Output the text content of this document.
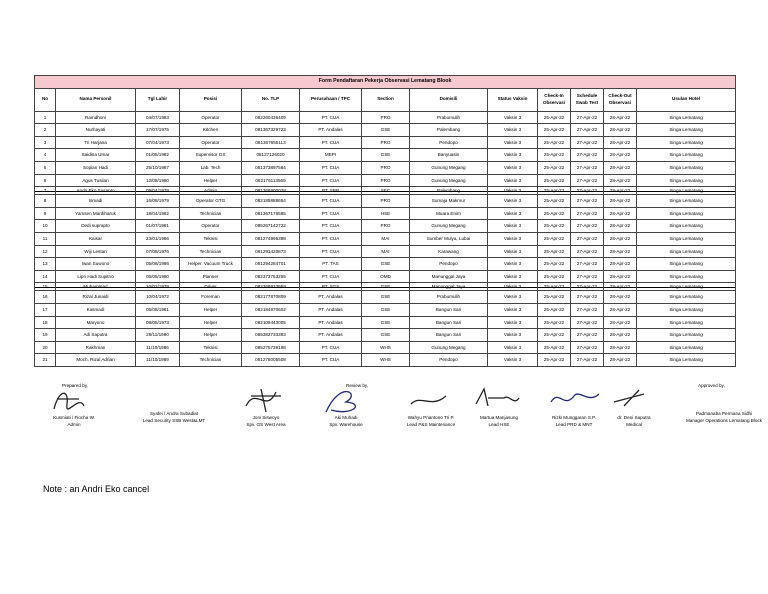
Form Pendaftaran Pekerja Observasi Lematang Blook												
No	Nama Personil	Tgl Lahir	Posisi	No. TLP	Perusahaan / TPC	Section	Domisili	Status Vaksin	Check-In Observasi	Schedule Swab Test	Check-Out Observasi	Usulan Hotel
1	Ramdhoni	04/07/1983	Operator	082260436409	PT. CUA	PRO	Prabumulih	Vaksin 3	25-Apr-22	27-Apr-22	28-Apr-22	Singa Lematang
2	Nurhayati	17/07/1975	Kitchen	081367329723	PT. Andalas	GSE	Palembang	Vaksin 3	25-Apr-22	27-Apr-22	28-Apr-22	Singa Lematang
3	Tri Harjana	07/04/1973	Operator	081367655113	PT. CUA	PRO	Pendopo	Vaksin 3	25-Apr-22	27-Apr-22	28-Apr-22	Singa Lematang
4	Saidina Umar	01/05/1982	Supervisor GS	08127126020	MEPI	GSE	Banyuasin	Vaksin 3	25-Apr-22	27-Apr-22	28-Apr-22	Singa Lematang
5	Sopian Hadi	25/10/1987	Lab. Tech	081373897564	PT. CUA	PRO	Gunung Megang	Vaksin 3	25-Apr-22	27-Apr-22	28-Apr-22	Singa Lematang
6	Agus Tusilan	12/08/1980	Helper	082176113569	PT. CUA	PRO	Gunung Megang	Vaksin 3	25-Apr-22	27-Apr-22	28-Apr-22	Singa Lematang
7	Andri Eko Susanto	09/04/1979	Admin	081368800028	PT. SBB	SEC	Palembang	Vaksin 3	25-Apr-22	27-Apr-22	28-Apr-22	Singa Lematang
8	Ismadi	16/08/1979	Operator GTG	082185888654	PT. CUA	PRO	Sumaja Makmur	Vaksin 3	25-Apr-22	27-Apr-22	28-Apr-22	Singa Lematang
9	Yamsen Mardiharuk	18/04/1982	Technician	081367176565	PT. CUA	HSE	Muara Enim	Vaksin 3	25-Apr-22	27-Apr-22	28-Apr-22	Singa Lematang
10	Dedi suprapto	01/07/1981	Operator	085267142722	PT. CUA	PRO	Gunung Megang	Vaksin 3	25-Apr-22	27-Apr-22	28-Apr-22	Singa Lematang
11	Kaisar	23/01/1986	Teknisi	081274995398	PT. CUA	MAI	Sumber Mulya, Lubai	Vaksin 3	25-Apr-22	27-Apr-22	28-Apr-22	Singa Lematang
12	Wiji Lestari	07/08/1976	Technician	081291420873	PT. CUA	MAI	Karawang	Vaksin 3	25-Apr-22	27-Apr-22	28-Apr-22	Singa Lematang
13	Iwan Suwono	05/08/1986	Helper. Vacuum Truck	081294284701	PT. TAS	GSE	Pendopo	Vaksin 3	25-Apr-22	27-Apr-22	28-Apr-22	Singa Lematang
14	Lipri Hadi Supitno	05/05/1980	Planner	082373753255	PT. CUA	OMD	Manunggal Jaya	Vaksin 3	25-Apr-22	27-Apr-22	28-Apr-22	Singa Lematang
15	Muhammad	10/02/1979	Driver	082269823959	PT. SGS	GSE	Manunggal Jaya	Vaksin 3	25-Apr-22	27-Apr-22	28-Apr-22	Singa Lematang
16	Rizal Junaidi	10/04/1972	Foreman	082177870809	PT. Andalas	GSE	Prabumulih	Vaksin 3	25-Apr-22	27-Apr-22	28-Apr-22	Singa Lematang
17	Kasmadi	05/08/1981	Helper	082184870602	PT. Andalas	GSE	Bangun Sari	Vaksin 3	25-Apr-22	27-Apr-22	28-Apr-22	Singa Lematang
18	Maryono	08/05/1973	Helper	082109443005	PT. Andalas	GSE	Bangun Sari	Vaksin 3	25-Apr-22	27-Apr-22	28-Apr-22	Singa Lematang
19	Adi Saputra	29/11/1990	Helper	085382733393	PT. Andalas	GSE	Bangun Sari	Vaksin 3	25-Apr-22	27-Apr-22	28-Apr-22	Singa Lematang
20	Rakhman	11/10/1986	Teknisi	085275739198	PT. CUA	WHS	Gunung Megang	Vaksin 3	25-Apr-22	27-Apr-22	28-Apr-22	Singa Lematang
21	Moch. Rizal Adrian	11/10/1989	Technician	081278005508	PT. CUA	WHS	Pendopo	Vaksin 3	25-Apr-22	27-Apr-22	28-Apr-22	Singa Lematang
Prepared by,	Review by,	Approved by,
Kusmiati / Fiocha W.
Admin
Syafei / Andra Subadiat
Lead Security SSB West&LMT
Joni Siswoyo
Spv. GS West Area
Aki Muhadi
Spv. Warehouse
Wahyu Priantono Tri P.
Lead P&S Maintenance
Martua Manjasung
Lead HSE
Rizki Munggaran S.P.
Lead PRD & MNT
dr. Deni Saputra
Medical
Padmanaba Permana Sidhi
Manager Operations Lematang Block
Note : an Andri Eko cancel
